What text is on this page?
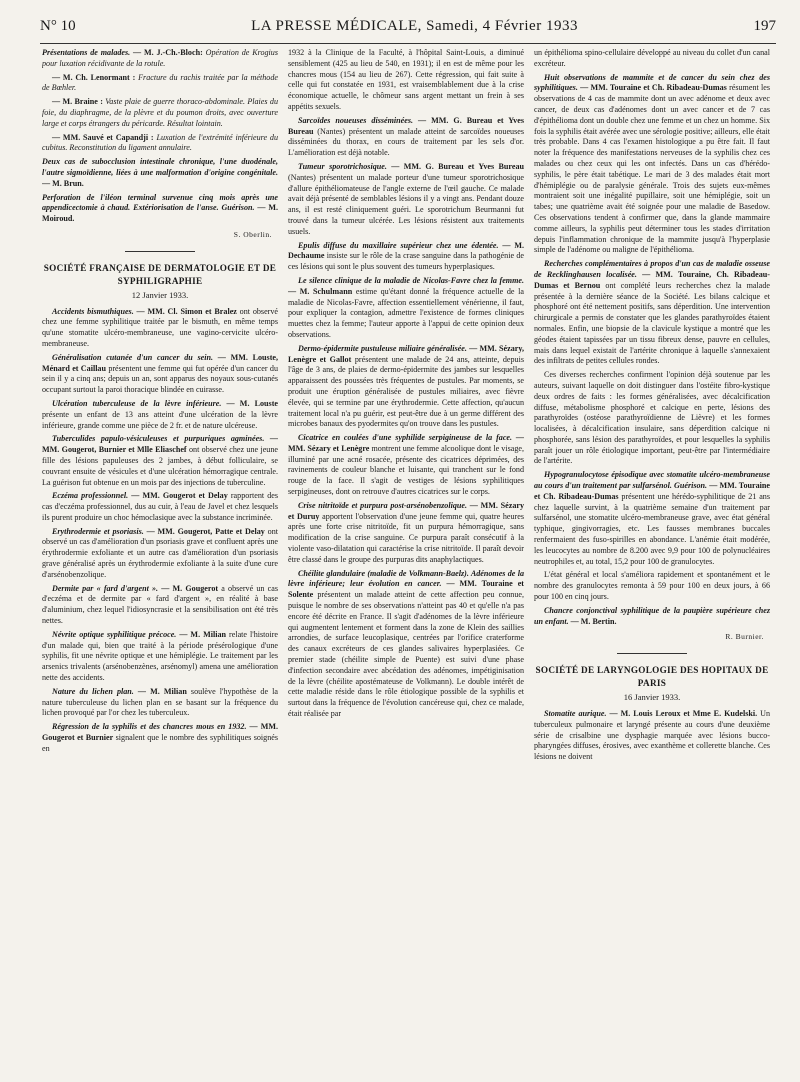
N° 10	LA PRESSE MÉDICALE, Samedi, 4 Février 1933	197

Présentations de malades. — M. J.-Ch.-Bloch: Opération de Krogius pour luxation récidivante de la rotule.

— M. Ch. Lenormant : Fracture du rachis traitée par la méthode de Bœhler.

— M. Braine : Vaste plaie de guerre thoraco-abdominale. Plaies du foie, du diaphragme, de la plèvre et du poumon droits, avec ouverture large et corps étrangers du péricarde. Résultat lointain.

— MM. Sauvé et Capandji : Luxation de l'extrémité inférieure du cubitus. Reconstitution du ligament annulaire.

Deux cas de subocclusion intestinale chronique, l'une duodénale, l'autre sigmoïdienne, liées à une malformation d'origine congénitale. — M. Brun.

Perforation de l'iléon terminal survenue cinq mois après une appendicectomie à chaud. Extériorisation de l'anse. Guérison. — M. Moiroud.

S. Oberlin.
SOCIÉTÉ FRANÇAISE DE DERMATOLOGIE ET DE SYPHILIGRAPHIE
12 Janvier 1933.

Accidents bismuthiques. — MM. Cl. Simon et Bralez ont observé chez une femme syphilitique traitée par le bismuth, en même temps qu'une stomatite ulcéro-membraneuse, une vagino-cervicite ulcéro-membraneuse.

Généralisation cutanée d'un cancer du sein. — MM. Louste, Ménard et Caillau présentent une femme qui fut opérée d'un cancer du sein il y a cinq ans; depuis un an, sont apparus des noyaux sous-cutanés occupant surtout la paroi thoracique blindée en cuirasse.

Ulcération tuberculeuse de la lèvre inférieure. — M. Louste présente un enfant de 13 ans atteint d'une ulcération de la lèvre inférieure, grande comme une pièce de 2 fr. et de nature ulcéreuse.

Tuberculides papulo-vésiculeuses et purpuriques agminées. — MM. Gougerot, Burnier et Mlle Eliaschef ont observé chez une jeune fille des lésions papuleuses des 2 jambes, à début folliculaire, se couvrant ensuite de vésicules et d'une ulcération hémorragique centrale. La guérison fut obtenue en un mois par des injections de tuberculine.

Eczéma professionnel. — MM. Gougerot et Delay rapportent des cas d'eczéma professionnel, dus au cuir, à l'eau de Javel et chez lesquels ils purent produire un choc hémoclasique avec la substance incriminée.

Erythrodermie et psoriasis. — MM. Gougerot, Patte et Delay ont observé un cas d'amélioration d'un psoriasis grave et confluent après une érythrodermie exfoliante et un autre cas d'amélioration d'un psoriasis grave généralisé après un érythrodermie exfoliante à la suite d'une cure d'arsénobenzolique.

Dermite par « fard d'argent ». — M. Gougerot a observé un cas d'eczéma et de dermite par « fard d'argent », en réalité à base d'aluminium, chez lequel l'idiosyncrasie et la sensibilisation ont été très nettes.

Névrite optique syphilitique précoce. — M. Milian relate l'histoire d'un malade qui, bien que traité à la période préséroIogique d'une syphilis, fit une névrite optique et une hémiplégie. Le traitement par les arsenics trivalents (arsénobenzènes, arsénomyl) amena une amélioration nette des accidents.

Nature du lichen plan. — M. Milian soulève l'hypothèse de la nature tuberculeuse du lichen plan en se basant sur la fréquence du lichen provoqué par l'or chez les tuberculeux.

Régression de la syphilis et des chancres mous en 1932. — MM. Gougerot et Burnier signalent que le nombre des syphilitiques soignés en

1932 à la Clinique de la Faculté, à l'hôpital Saint-Louis, a diminué sensiblement (425 au lieu de 540, en 1931); il en est de même pour les chancres mous (154 au lieu de 267). Cette régression, qui fait suite à celle qui fut constatée en 1931, est vraisemblablement due à la crise économique actuelle, le chômeur sans argent mettant un frein à ses appétits sexuels.

Sarcoïdes noueuses disséminées. — MM. G. Bureau et Yves Bureau (Nantes) présentent un malade atteint de sarcoïdes noueuses disséminées du thorax, en cours de traitement par les sels d'or. L'amélioration est déjà notable.

Tumeur sporotrichosique. — MM. G. Bureau et Yves Bureau (Nantes) présentent un malade porteur d'une tumeur sporotrichosique d'allure épithéliomateuse de l'angle externe de l'œil gauche. Ce malade avait déjà présenté de semblables lésions il y a vingt ans. Pendant douze ans, il est resté cliniquement guéri. Le sporotrichum Beurmanni fut trouvé dans la tumeur ulcérée. Les lésions résistent aux traitements usuels.

Epulis diffuse du maxillaire supérieur chez une édentée. — M. Dechaume insiste sur le rôle de la crase sanguine dans la pathogénie de ces lésions qui sont le plus souvent des tumeurs hyperplasiques.

Le silence clinique de la maladie de Nicolas-Favre chez la femme. — M. Schulmann estime qu'étant donné la fréquence actuelle de la maladie de Nicolas-Favre, affection essentiellement vénérienne, il faut, pour expliquer la contagion, admettre l'existence de formes cliniques muettes chez la femme; l'auteur apporte à l'appui de cette opinion deux observations.

Dermo-épidermite pustuleuse miliaire généralisée. — MM. Sézary, Lenègre et Gallot présentent une malade de 24 ans, atteinte, depuis l'âge de 3 ans, de plaies de dermo-épidermite des jambes sur lesquelles apparaissent des poussées très fréquentes de pustules. Par moments, se produit une éruption généralisée de pustules miliaires, avec fièvre élevée, qui se termine par une érythrodermie. Cette affection, qu'aucun traitement local n'a pu guérir, est peut-être due à un germe différent des microbes banaux des pyodermites qu'on trouve dans les pustules.

Cicatrice en coulées d'une syphilide serpigineuse de la face. — MM. Sézary et Lenègre montrent une femme alcoolique dont le visage, illuminé par une acné rosacée, présente des cicatrices déprimées, des ravinements de couleur blanche et luisante, qui tranchent sur le fond rouge de la face. Il s'agit de vestiges de lésions syphilitiques serpigineuses, dont on retrouve d'autres cicatrices sur le corps.

Crise nitritoïde et purpura post-arsénobenzolique. — MM. Sézary et Duruy apportent l'observation d'une jeune femme qui, quatre heures après une forte crise nitritoïde, fit un purpura hémorragique, sans modification de la crise sanguine. Ce purpura paraît consécutif à la violente vaso-dilatation qui caractérise la crise nitritoïde. Il paraît devoir être classé dans le groupe des purpuras dits anaphylactiques.

Chéilite glandulaire (maladie de Volkmann-Baelz). Adénomes de la lèvre inférieure; leur évolution en cancer. — MM. Touraine et Solente présentent un malade atteint de cette affection peu connue, puisque le nombre de ses observations n'atteint pas 40 et qu'elle n'a pas encore été décrite en France. Il s'agit d'adénomes de la lèvre inférieure qui augmentent lentement et forment dans la zone de Klein des saillies arrondies, de surface leucoplasique, centrées par l'orifice craterforme des canaux excréteurs de ces glandes salivaires hyperplasiées. Ce premier stade (chéilite simple de Puente) est suivi d'une phase d'infection secondaire avec abcédation des adénomes, impétiginisation de la lèvre (chéilite apostémateuse de Volkmann). Le double intérêt de cette maladie réside dans le rôle étiologique possible de la syphilis et surtout dans la fréquence de l'évolution cancéreuse qui, chez ce malade, était réalisée par

un épithélioma spino-cellulaire développé au niveau du collet d'un canal excréteur.

Huit observations de mammite et de cancer du sein chez des syphilitiques. — MM. Touraine et Ch. Ribadeau-Dumas résument les observations de 4 cas de mammite dont un avec adénome et deux avec cancer, de deux cas d'adénomes dont un avec cancer et de 7 cas d'épithélioma dont un double chez une femme et un chez un homme. Six fois la syphilis était avérée avec une sérologie positive; ailleurs, elle était très probable. Dans 4 cas l'examen histologique a pu être fait. Il faut noter la fréquence des manifestations nerveuses de la syphilis chez ces malades ou chez ceux qui les ont infectés. Dans un cas d'hérédo-syphilis, le père était tabétique. Le mari de 3 des malades était mort d'hémiplégie ou de paralysie générale. Trois des sujets eux-mêmes montraient soit une inégalité pupillaire, soit une hémiplégie, soit un tabes; une quatrième avait été soignée pour une maladie de Basedow. Ces observations tendent à confirmer que, dans la glande mammaire comme ailleurs, la syphilis peut déterminer tous les stades d'irritation depuis l'inflammation chronique de la mammite jusqu'à l'hyperplasie simple de l'adénome ou maligne de l'épithélioma.

Recherches complémentaires à propos d'un cas de maladie osseuse de Recklinghausen localisée. — MM. Touraine, Ch. Ribadeau-Dumas et Bernou ont complété leurs recherches chez la malade présentée à la dernière séance de la Société. Les bilans calcique et phosphoré ont été nettement positifs, sans déperdition. Une intervention chirurgicale a permis de constater que les glandes parathyroïdes étaient normales. Enfin, une biopsie de la clavicule kystique a montré que les géodes étaient tapissées par un tissu fibreux dense, pauvre en cellules, mais dans lequel existait de l'artérite chronique à laquelle s'annexaient des infiltrats de petites cellules rondes.

Ces diverses recherches confirment l'opinion déjà soutenue par les auteurs, suivant laquelle on doit distinguer dans l'ostéite fibro-kystique deux ordres de faits : les formes généralisées, avec décalcification diffuse, métabolisme phosphoré et calcique en perte, lésions des parathyroïdes (ostéose parathyroïdienne de Lièvre) et les formes localisées, à décalcification insulaire, sans déperdition calcique ni phosphorée, sans lésion des parathyroïdes, et pour lesquelles la syphilis paraît jouer un rôle étiologique important, peut-être par l'intermédiaire de l'artérite.

Hypogranulocytose épisodique avec stomatite ulcéro-membraneuse au cours d'un traitement par sulfarsénol. Guérison. — MM. Touraine et Ch. Ribadeau-Dumas présentent une hérédo-syphilitique de 21 ans chez laquelle survint, à la quatrième semaine d'un traitement par sulfarsénol, une stomatite ulcéro-membraneuse grave, avec état général typhique, gingivorragies, etc. Les fausses membranes buccales renfermaient des fuso-spirilles en abondance. L'anémie était modérée, les leucocytes au nombre de 8.200 avec 9,9 pour 100 de polynucléaires neutrophiles et, au total, 15,2 pour 100 de granulocytes.

L'état général et local s'améliora rapidement et spontanément et le nombre des granulocytes remonta à 59 pour 100 en deux jours, à 66 pour 100 en cinq jours.

Chancre conjonctival syphilitique de la paupière supérieure chez un enfant. — M. Bertin.

R. Burnier.
SOCIÉTÉ DE LARYNGOLOGIE DES HOPITAUX DE PARIS
16 Janvier 1933.

Stomatite aurique. — M. Louis Leroux et Mme E. Kudelski. Un tuberculeux pulmonaire et laryngé présente au cours d'une deuxième série de crisalbine une dysphagie marquée avec lésions bucco-pharyngées diffuses, érosives, avec exanthème et collerette blanche. Ces lésions ne doivent
